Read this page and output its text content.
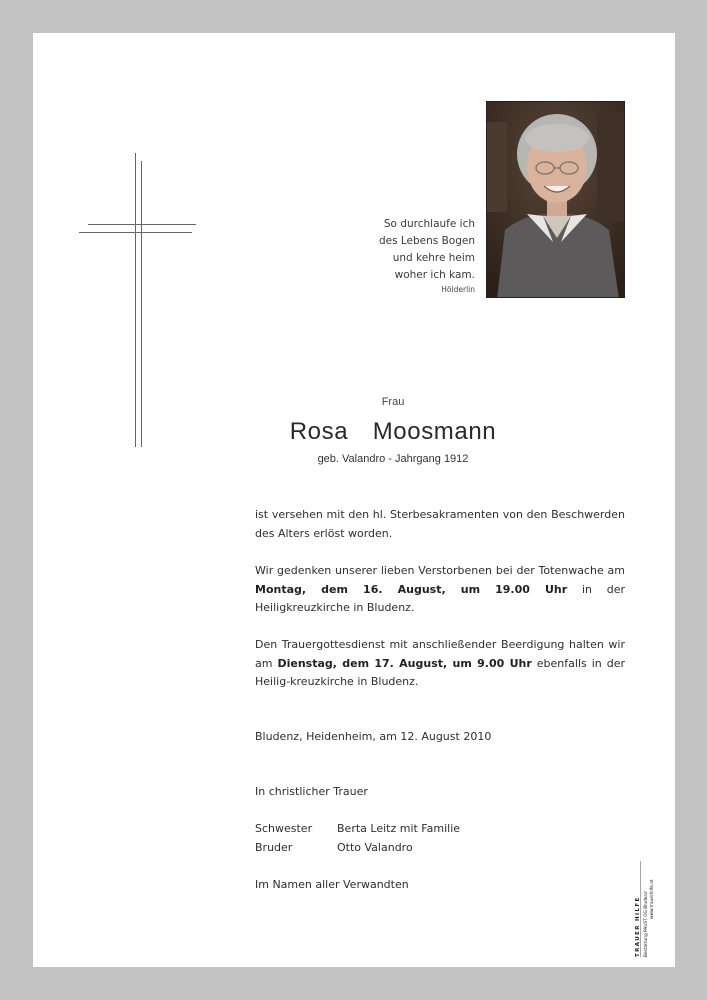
So durchlaufe ich
des Lebens Bogen
und kehre heim
woher ich kam.
Hölderlin
Frau
Rosa  Moosmann
geb. Valandro - Jahrgang 1912
ist versehen mit den hl. Sterbesakramenten von den Beschwerden des Alters erlöst worden.
Wir gedenken unserer lieben Verstorbenen bei der Totenwache am Montag, dem 16. August, um 19.00 Uhr in der Heiligkreuzkirche in Bludenz.
Den Trauergottesdienst mit anschließender Beerdigung halten wir am Dienstag, dem 17. August, um 9.00 Uhr ebenfalls in der Heilig-kreuzkirche in Bludenz.
Bludenz, Heidenheim, am 12. August 2010
In christlicher Trauer
Schwester	Berta Leitz mit Familie
Bruder	Otto Valandro
Im Namen aller Verwandten
TRAUER
HILFE Bestattung PAUST OG Bludenz www.trauerhilfe.at
